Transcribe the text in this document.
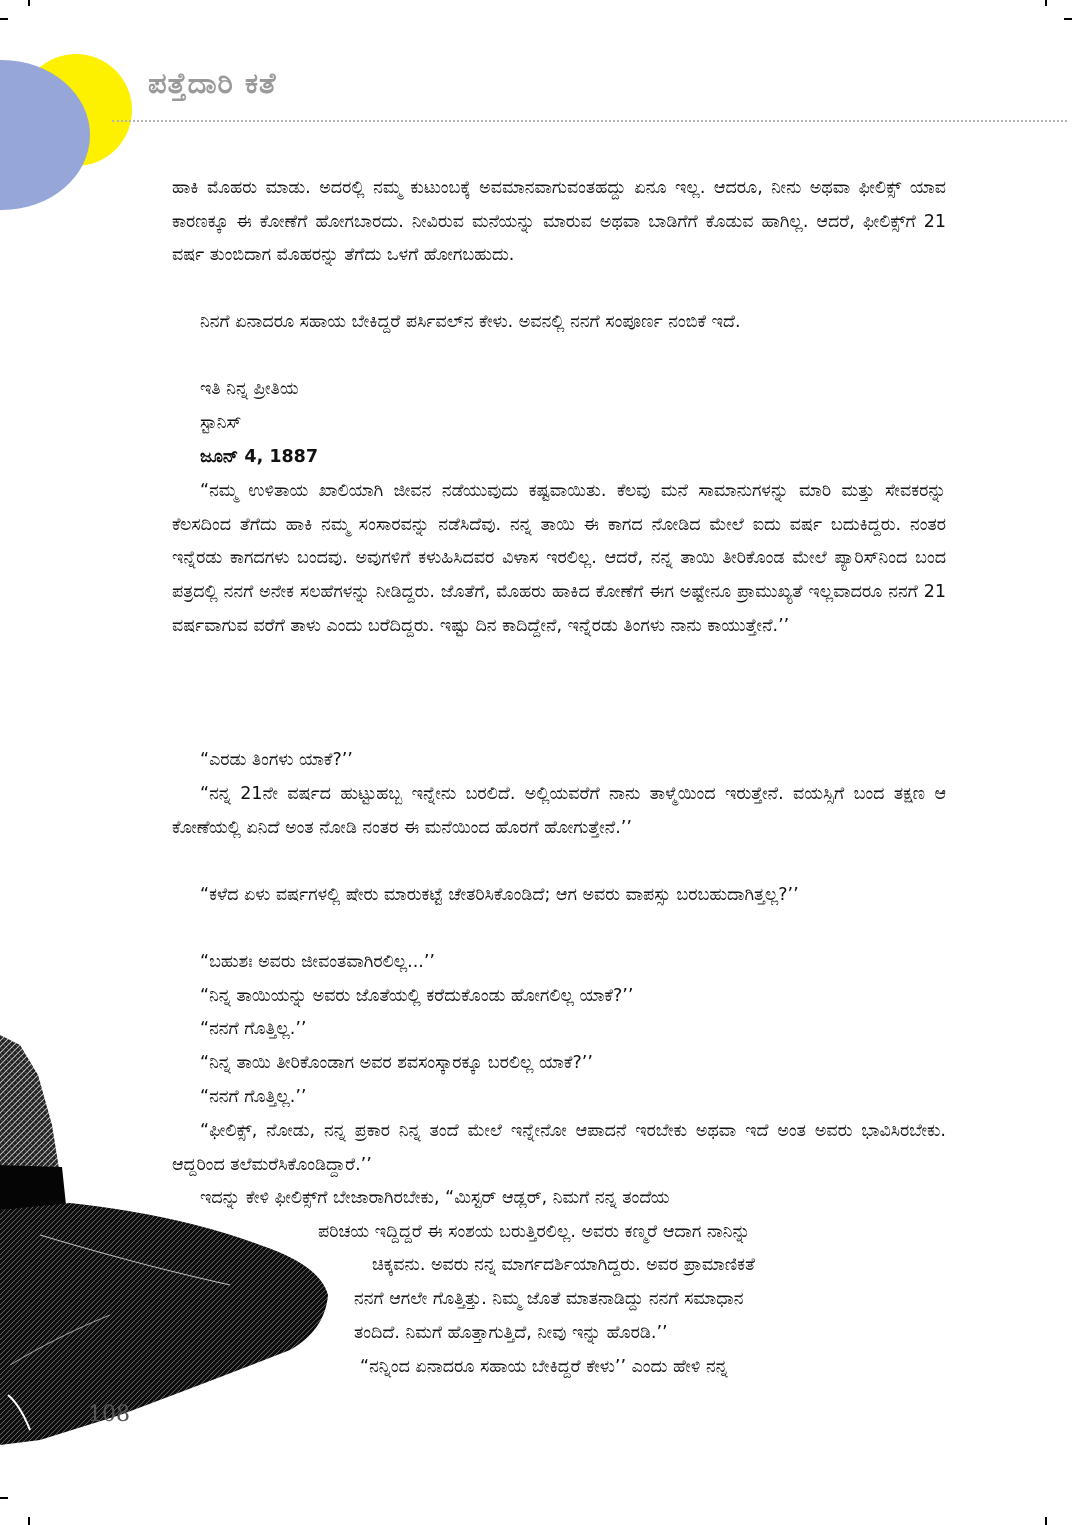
ಪತ್ತೆದಾರಿ ಕತೆ

ಹಾಕಿ ಮೊಹರು ಮಾಡು. ಅದರಲ್ಲಿ ನಮ್ಮ ಕುಟುಂಬಕ್ಕೆ ಅವಮಾನವಾಗುವಂತಹದ್ದು ಏನೂ ಇಲ್ಲ. ಆದರೂ, ನೀನು ಅಥವಾ ಫೀಲಿಕ್ಸ್ ಯಾವ ಕಾರಣಕ್ಕೂ ಈ ಕೋಣೆಗೆ ಹೋಗಬಾರದು. ನೀವಿರುವ ಮನೆಯನ್ನು ಮಾರುವ ಅಥವಾ ಬಾಡಿಗೆಗೆ ಕೊಡುವ ಹಾಗಿಲ್ಲ. ಆದರೆ, ಫೀಲಿಕ್ಸ್‌ಗೆ 21 ವರ್ಷ ತುಂಬಿದಾಗ ಮೊಹರನ್ನು ತೆಗೆದು ಒಳಗೆ ಹೋಗಬಹುದು.

ನಿನಗೆ ಏನಾದರೂ ಸಹಾಯ ಬೇಕಿದ್ದರೆ ಪರ್ಸಿವಲ್‌ನ ಕೇಳು. ಅವನಲ್ಲಿ ನನಗೆ ಸಂಪೂರ್ಣ ನಂಬಿಕೆ ಇದೆ.

ಇತಿ ನಿನ್ನ ಪ್ರೀತಿಯ

ಸ್ಟಾನಿಸ್

ಜೂನ್ 4, 1887

“ನಮ್ಮ ಉಳಿತಾಯ ಖಾಲಿಯಾಗಿ ಜೀವನ ನಡೆಯುವುದು ಕಷ್ಟವಾಯಿತು. ಕೆಲವು ಮನೆ ಸಾಮಾನುಗಳನ್ನು ಮಾರಿ ಮತ್ತು ಸೇವಕರನ್ನು ಕೆಲಸದಿಂದ ತೆಗೆದು ಹಾಕಿ ನಮ್ಮ ಸಂಸಾರವನ್ನು ನಡೆಸಿದೆವು. ನನ್ನ ತಾಯಿ ಈ ಕಾಗದ ನೋಡಿದ ಮೇಲೆ ಐದು ವರ್ಷ ಬದುಕಿದ್ದರು. ನಂತರ ಇನ್ನೆರಡು ಕಾಗದಗಳು ಬಂದವು. ಅವುಗಳಿಗೆ ಕಳುಹಿಸಿದವರ ವಿಳಾಸ ಇರಲಿಲ್ಲ. ಆದರೆ, ನನ್ನ ತಾಯಿ ತೀರಿಕೊಂಡ ಮೇಲೆ ಪ್ಯಾರಿಸ್‌ನಿಂದ ಬಂದ ಪತ್ರದಲ್ಲಿ ನನಗೆ ಅನೇಕ ಸಲಹೆಗಳನ್ನು ನೀಡಿದ್ದರು. ಜೊತೆಗೆ, ಮೊಹರು ಹಾಕಿದ ಕೋಣೆಗೆ ಈಗ ಅಷ್ಟೇನೂ ಪ್ರಾಮುಖ್ಯತೆ ಇಲ್ಲವಾದರೂ ನನಗೆ 21 ವರ್ಷವಾಗುವ ವರೆಗೆ ತಾಳು ಎಂದು ಬರೆದಿದ್ದರು. ಇಷ್ಟು ದಿನ ಕಾದಿದ್ದೇನೆ, ಇನ್ನೆರಡು ತಿಂಗಳು ನಾನು ಕಾಯುತ್ತೇನೆ.’’

“ಎರಡು ತಿಂಗಳು ಯಾಕೆ?’’

“ನನ್ನ 21ನೇ ವರ್ಷದ ಹುಟ್ಟುಹಬ್ಬ ಇನ್ನೇನು ಬರಲಿದೆ. ಅಲ್ಲಿಯವರೆಗೆ ನಾನು ತಾಳ್ಮೆಯಿಂದ ಇರುತ್ತೇನೆ. ವಯಸ್ಸಿಗೆ ಬಂದ ತಕ್ಷಣ ಆ ಕೋಣೆಯಲ್ಲಿ ಏನಿದೆ ಅಂತ ನೋಡಿ ನಂತರ ಈ ಮನೆಯಿಂದ ಹೊರಗೆ ಹೋಗುತ್ತೇನೆ.’’

“ಕಳೆದ ಏಳು ವರ್ಷಗಳಲ್ಲಿ ಷೇರು ಮಾರುಕಟ್ಟೆ ಚೇತರಿಸಿಕೊಂಡಿದೆ; ಆಗ ಅವರು ವಾಪಸ್ಸು ಬರಬಹುದಾಗಿತ್ತಲ್ಲ?’’

“ಬಹುಶಃ ಅವರು ಜೀವಂತವಾಗಿರಲಿಲ್ಲ...’’

“ನಿನ್ನ ತಾಯಿಯನ್ನು ಅವರು ಜೊತೆಯಲ್ಲಿ ಕರೆದುಕೊಂಡು ಹೋಗಲಿಲ್ಲ ಯಾಕೆ?’’

“ನನಗೆ ಗೊತ್ತಿಲ್ಲ.’’

“ನಿನ್ನ ತಾಯಿ ತೀರಿಕೊಂಡಾಗ ಅವರ ಶವಸಂಸ್ಕಾರಕ್ಕೂ ಬರಲಿಲ್ಲ ಯಾಕೆ?’’

“ನನಗೆ ಗೊತ್ತಿಲ್ಲ.’’

“ಫೀಲಿಕ್ಸ್, ನೋಡು, ನನ್ನ ಪ್ರಕಾರ ನಿನ್ನ ತಂದೆ ಮೇಲೆ ಇನ್ನೇನೋ ಆಪಾದನೆ ಇರಬೇಕು ಅಥವಾ ಇದೆ ಅಂತ ಅವರು ಭಾವಿಸಿರಬೇಕು. ಆದ್ದರಿಂದ ತಲೆಮರೆಸಿಕೊಂಡಿದ್ದಾರೆ.’’

ಇದನ್ನು ಕೇಳಿ ಫೀಲಿಕ್ಸ್‌ಗೆ ಬೇಜಾರಾಗಿರಬೇಕು, “ಮಿಸ್ಟರ್ ಆಡ್ಲರ್, ನಿಮಗೆ ನನ್ನ ತಂದೆಯ

ಪರಿಚಯ ಇದ್ದಿದ್ದರೆ ಈ ಸಂಶಯ ಬರುತ್ತಿರಲಿಲ್ಲ. ಅವರು ಕಣ್ಮರೆ ಆದಾಗ ನಾನಿನ್ನು

ಚಿಕ್ಕವನು. ಅವರು ನನ್ನ ಮಾರ್ಗದರ್ಶಿಯಾಗಿದ್ದರು. ಅವರ ಪ್ರಾಮಾಣಿಕತೆ

ನನಗೆ ಆಗಲೇ ಗೊತ್ತಿತ್ತು. ನಿಮ್ಮ ಜೊತೆ ಮಾತನಾಡಿದ್ದು ನನಗೆ ಸಮಾಧಾನ

ತಂದಿದೆ. ನಿಮಗೆ ಹೊತ್ತಾಗುತ್ತಿದೆ, ನೀವು ಇನ್ನು ಹೊರಡಿ.’’

“ನನ್ನಿಂದ ಏನಾದರೂ ಸಹಾಯ ಬೇಕಿದ್ದರೆ ಕೇಳು’’ ಎಂದು ಹೇಳಿ ನನ್ನ

108
